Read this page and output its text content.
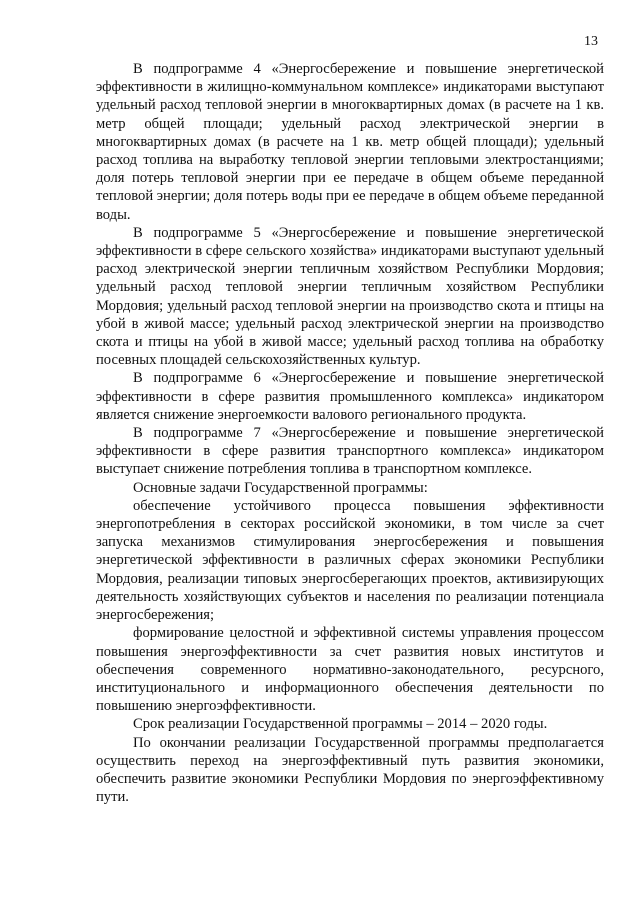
13

В подпрограмме 4 «Энергосбережение и повышение энергетической эффективности в жилищно-коммунальном комплексе» индикаторами выступают удельный расход тепловой энергии в многоквартирных домах (в расчете на 1 кв. метр общей площади; удельный расход электрической энергии в многоквартирных домах (в расчете на 1 кв. метр общей площади); удельный расход топлива на выработку тепловой энергии тепловыми электростанциями; доля потерь тепловой энергии при ее передаче в общем объеме переданной тепловой энергии; доля потерь воды при ее передаче в общем объеме переданной воды.

В подпрограмме 5 «Энергосбережение и повышение энергетической эффективности в сфере сельского хозяйства» индикаторами выступают удельный расход электрической энергии тепличным хозяйством Республики Мордовия; удельный расход тепловой энергии тепличным хозяйством Республики Мордовия; удельный расход тепловой энергии на производство скота и птицы на убой в живой массе; удельный расход электрической энергии на производство скота и птицы на убой в живой массе; удельный расход топлива на обработку посевных площадей сельскохозяйственных культур.

В подпрограмме 6 «Энергосбережение и повышение энергетической эффективности в сфере развития промышленного комплекса» индикатором является снижение энергоемкости валового регионального продукта.

В подпрограмме 7 «Энергосбережение и повышение энергетической эффективности в сфере развития транспортного комплекса» индикатором выступает снижение потребления топлива в транспортном комплексе.

Основные задачи Государственной программы:

обеспечение устойчивого процесса повышения эффективности энергопотребления в секторах российской экономики, в том числе за счет запуска механизмов стимулирования энергосбережения и повышения энергетической эффективности в различных сферах экономики Республики Мордовия, реализации типовых энергосберегающих проектов, активизирующих деятельность хозяйствующих субъектов и населения по реализации потенциала энергосбережения;

формирование целостной и эффективной системы управления процессом повышения энергоэффективности за счет развития новых институтов и обеспечения современного нормативно-законодательного, ресурсного, институционального и информационного обеспечения деятельности по повышению энергоэффективности.

Срок реализации Государственной программы – 2014 – 2020 годы.

По окончании реализации Государственной программы предполагается осуществить переход на энергоэффективный путь развития экономики, обеспечить развитие экономики Республики Мордовия по энергоэффективному пути.
